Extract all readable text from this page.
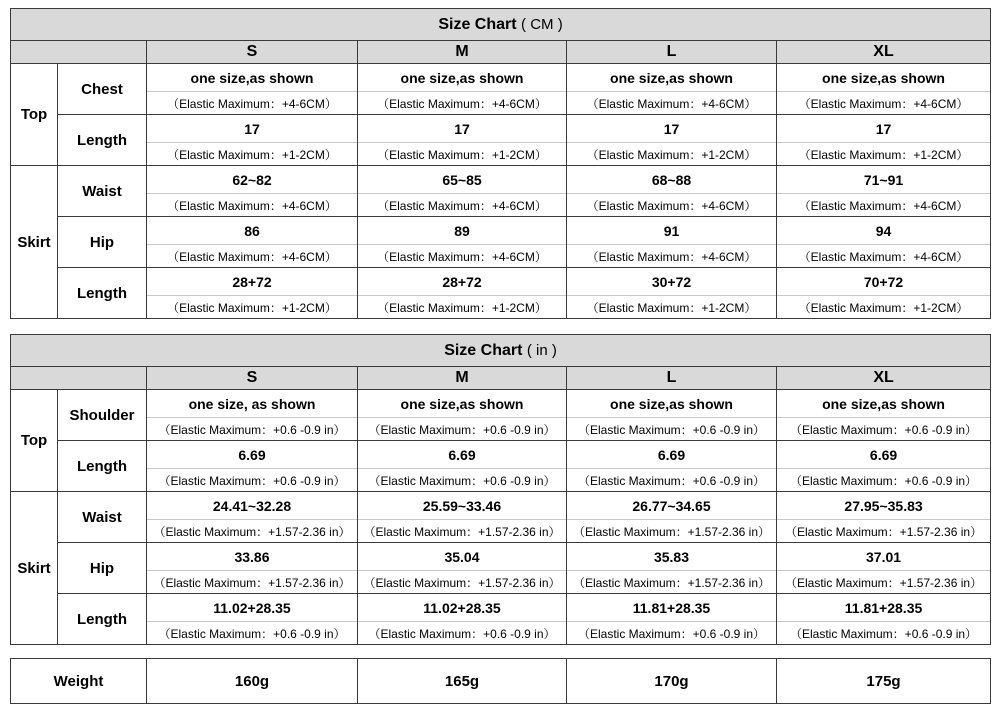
Size Chart ( CM )					
		S	M	L	XL
Top	Chest	one size,as shown	one size,as shown	one size,as shown	one size,as shown
		（Elastic Maximum：+4-6CM）	（Elastic Maximum：+4-6CM）	（Elastic Maximum：+4-6CM）	（Elastic Maximum：+4-6CM）
	Length	17	17	17	17
		（Elastic Maximum：+1-2CM）	（Elastic Maximum：+1-2CM）	（Elastic Maximum：+1-2CM）	（Elastic Maximum：+1-2CM）
Skirt	Waist	62~82	65~85	68~88	71~91
		（Elastic Maximum：+4-6CM）	（Elastic Maximum：+4-6CM）	（Elastic Maximum：+4-6CM）	（Elastic Maximum：+4-6CM）
	Hip	86	89	91	94
		（Elastic Maximum：+4-6CM）	（Elastic Maximum：+4-6CM）	（Elastic Maximum：+4-6CM）	（Elastic Maximum：+4-6CM）
	Length	28+72	28+72	30+72	70+72
		（Elastic Maximum：+1-2CM）	（Elastic Maximum：+1-2CM）	（Elastic Maximum：+1-2CM）	（Elastic Maximum：+1-2CM）
Size Chart ( in )					
		S	M	L	XL
Top	Shoulder	one size, as shown	one size,as shown	one size,as shown	one size,as shown
		（Elastic Maximum：+0.6 -0.9 in）	（Elastic Maximum：+0.6 -0.9 in）	（Elastic Maximum：+0.6 -0.9 in）	（Elastic Maximum：+0.6 -0.9 in）
	Length	6.69	6.69	6.69	6.69
		（Elastic Maximum：+0.6 -0.9 in）	（Elastic Maximum：+0.6 -0.9 in）	（Elastic Maximum：+0.6 -0.9 in）	（Elastic Maximum：+0.6 -0.9 in）
Skirt	Waist	24.41~32.28	25.59~33.46	26.77~34.65	27.95~35.83
		（Elastic Maximum：+1.57-2.36 in）	（Elastic Maximum：+1.57-2.36 in）	（Elastic Maximum：+1.57-2.36 in）	（Elastic Maximum：+1.57-2.36 in）
	Hip	33.86	35.04	35.83	37.01
		（Elastic Maximum：+1.57-2.36 in）	（Elastic Maximum：+1.57-2.36 in）	（Elastic Maximum：+1.57-2.36 in）	（Elastic Maximum：+1.57-2.36 in）
	Length	11.02+28.35	11.02+28.35	11.81+28.35	11.81+28.35
		（Elastic Maximum：+0.6 -0.9 in）	（Elastic Maximum：+0.6 -0.9 in）	（Elastic Maximum：+0.6 -0.9 in）	（Elastic Maximum：+0.6 -0.9 in）
Weight	160g	165g	170g	175g
